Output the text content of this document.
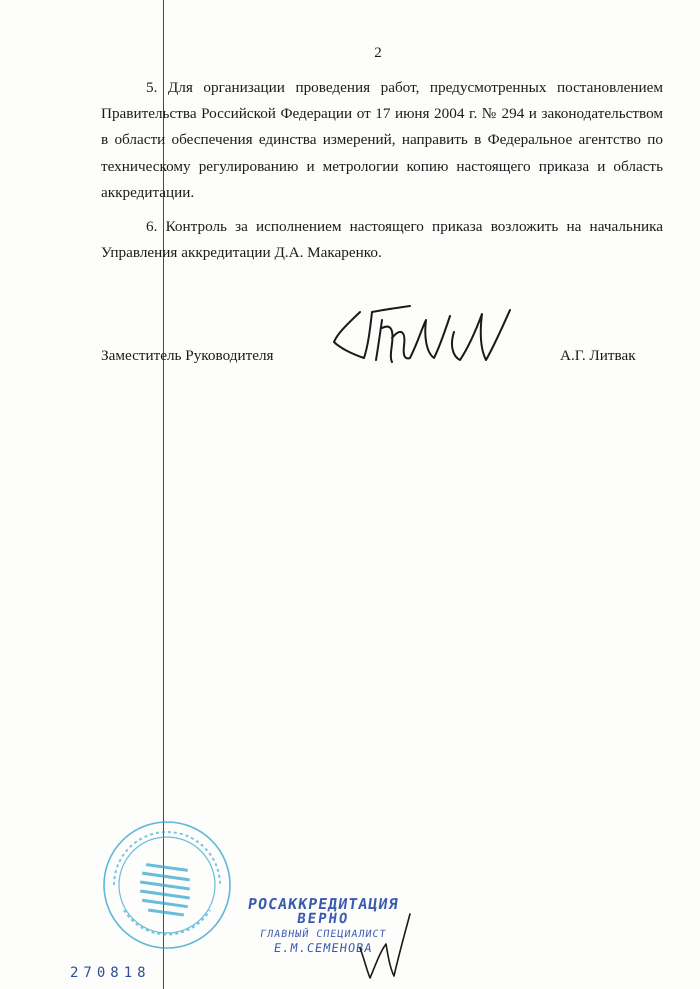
2

5. Для организации проведения работ, предусмотренных постановлением Правительства Российской Федерации от 17 июня 2004 г. № 294 и законодательством в области обеспечения единства измерений, направить в Федеральное агентство по техническому регулированию и метрологии копию настоящего приказа и область аккредитации.

6. Контроль за исполнением настоящего приказа возложить на начальника Управления аккредитации Д.А. Макаренко.

Заместитель Руководителя	А.Г. Литвак
РОСАККРЕДИТАЦИЯ
ВЕРНО
ГЛАВНЫЙ СПЕЦИАЛИСТ
Е.М.СЕМЕНОВА
270818
